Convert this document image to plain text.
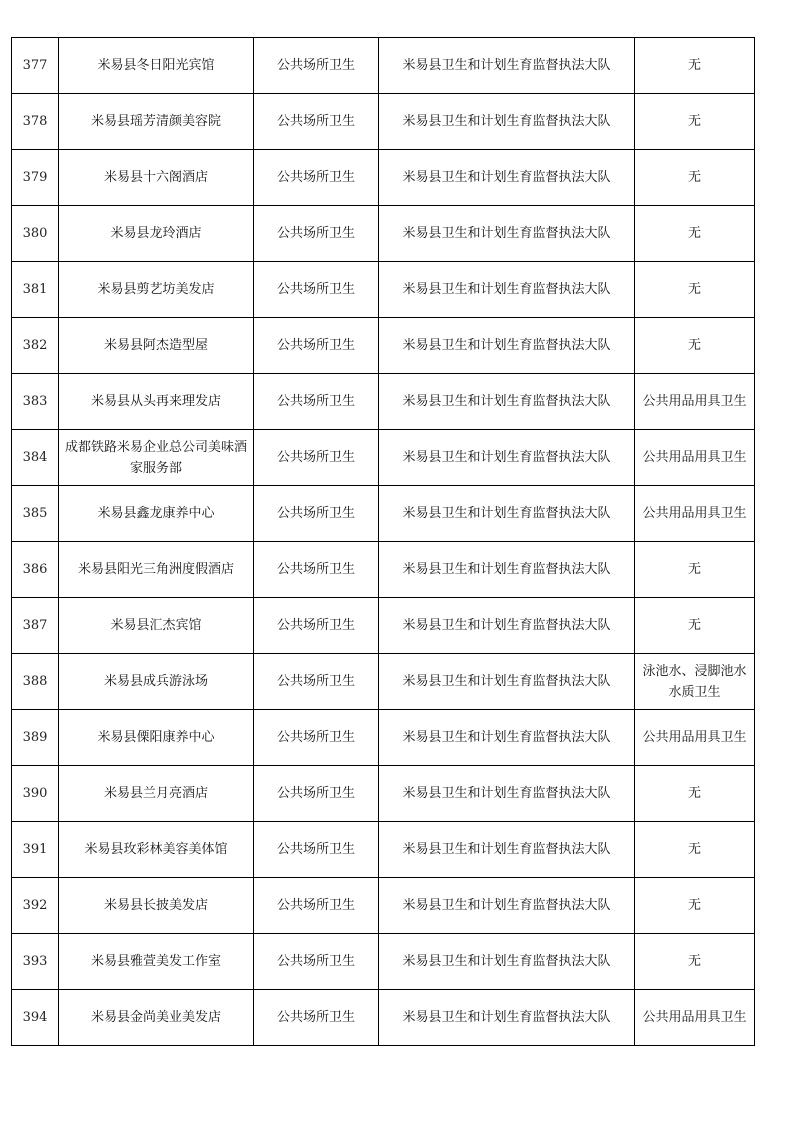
377	米易县冬日阳光宾馆	公共场所卫生	米易县卫生和计划生育监督执法大队	无
378	米易县瑶芳清颜美容院	公共场所卫生	米易县卫生和计划生育监督执法大队	无
379	米易县十六阁酒店	公共场所卫生	米易县卫生和计划生育监督执法大队	无
380	米易县龙玲酒店	公共场所卫生	米易县卫生和计划生育监督执法大队	无
381	米易县剪艺坊美发店	公共场所卫生	米易县卫生和计划生育监督执法大队	无
382	米易县阿杰造型屋	公共场所卫生	米易县卫生和计划生育监督执法大队	无
383	米易县从头再来理发店	公共场所卫生	米易县卫生和计划生育监督执法大队	公共用品用具卫生
384	成都铁路米易企业总公司美味酒家服务部	公共场所卫生	米易县卫生和计划生育监督执法大队	公共用品用具卫生
385	米易县鑫龙康养中心	公共场所卫生	米易县卫生和计划生育监督执法大队	公共用品用具卫生
386	米易县阳光三角洲度假酒店	公共场所卫生	米易县卫生和计划生育监督执法大队	无
387	米易县汇杰宾馆	公共场所卫生	米易县卫生和计划生育监督执法大队	无
388	米易县成兵游泳场	公共场所卫生	米易县卫生和计划生育监督执法大队	泳池水、浸脚池水水质卫生
389	米易县傈阳康养中心	公共场所卫生	米易县卫生和计划生育监督执法大队	公共用品用具卫生
390	米易县兰月亮酒店	公共场所卫生	米易县卫生和计划生育监督执法大队	无
391	米易县玫彩林美容美体馆	公共场所卫生	米易县卫生和计划生育监督执法大队	无
392	米易县长披美发店	公共场所卫生	米易县卫生和计划生育监督执法大队	无
393	米易县雅萱美发工作室	公共场所卫生	米易县卫生和计划生育监督执法大队	无
394	米易县金尚美业美发店	公共场所卫生	米易县卫生和计划生育监督执法大队	公共用品用具卫生
